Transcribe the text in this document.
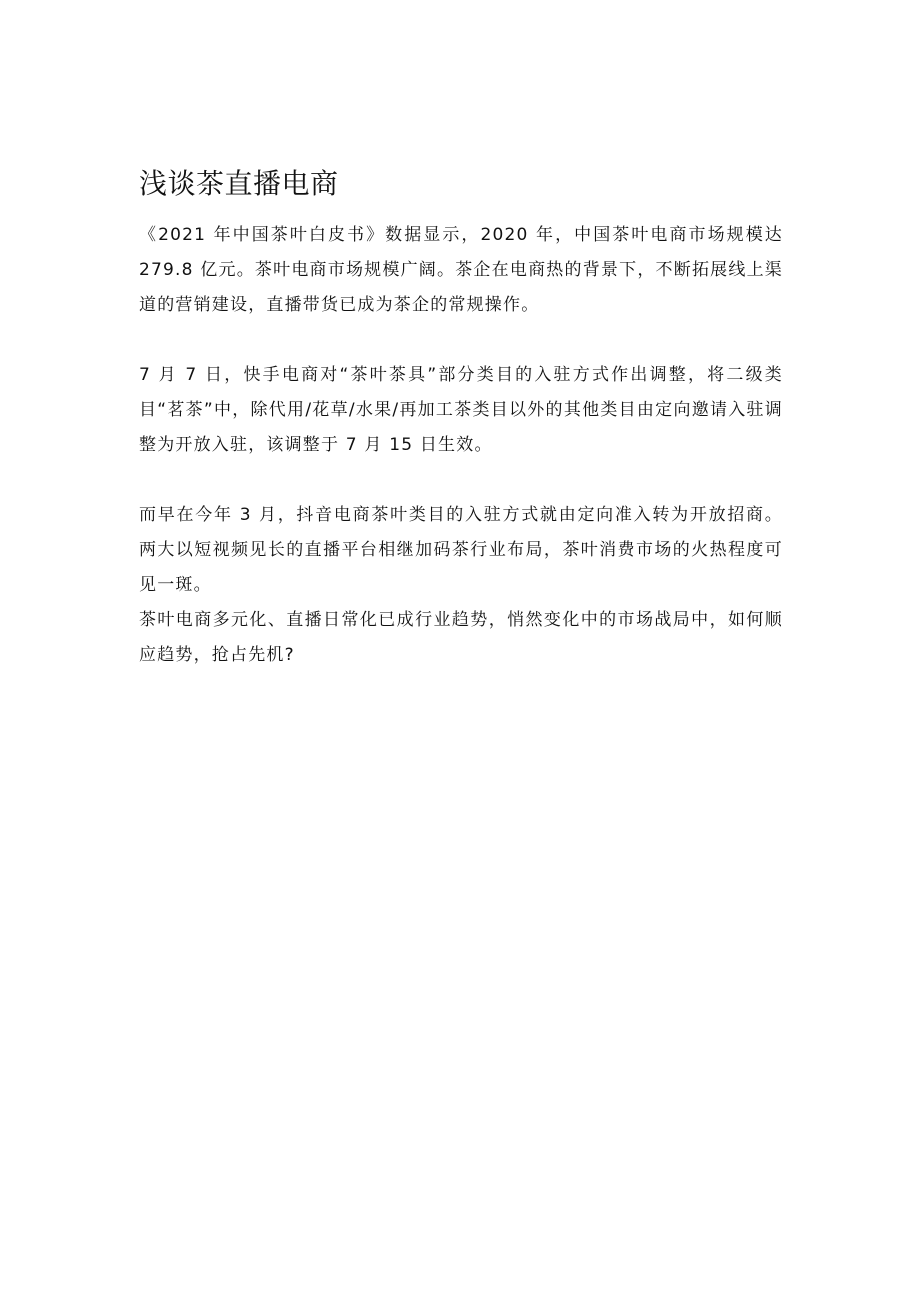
浅谈茶直播电商

《2021 年中国茶叶白皮书》数据显示，2020 年，中国茶叶电商市场规模达 279.8 亿元。茶叶电商市场规模广阔。茶企在电商热的背景下，不断拓展线上渠道的营销建设，直播带货已成为茶企的常规操作。

7 月 7 日，快手电商对“茶叶茶具”部分类目的入驻方式作出调整，将二级类目“茗茶”中，除代用/花草/水果/再加工茶类目以外的其他类目由定向邀请入驻调整为开放入驻，该调整于 7 月 15 日生效。

而早在今年 3 月，抖音电商茶叶类目的入驻方式就由定向准入转为开放招商。两大以短视频见长的直播平台相继加码茶行业布局，茶叶消费市场的火热程度可见一斑。

茶叶电商多元化、直播日常化已成行业趋势，悄然变化中的市场战局中，如何顺应趋势，抢占先机?
